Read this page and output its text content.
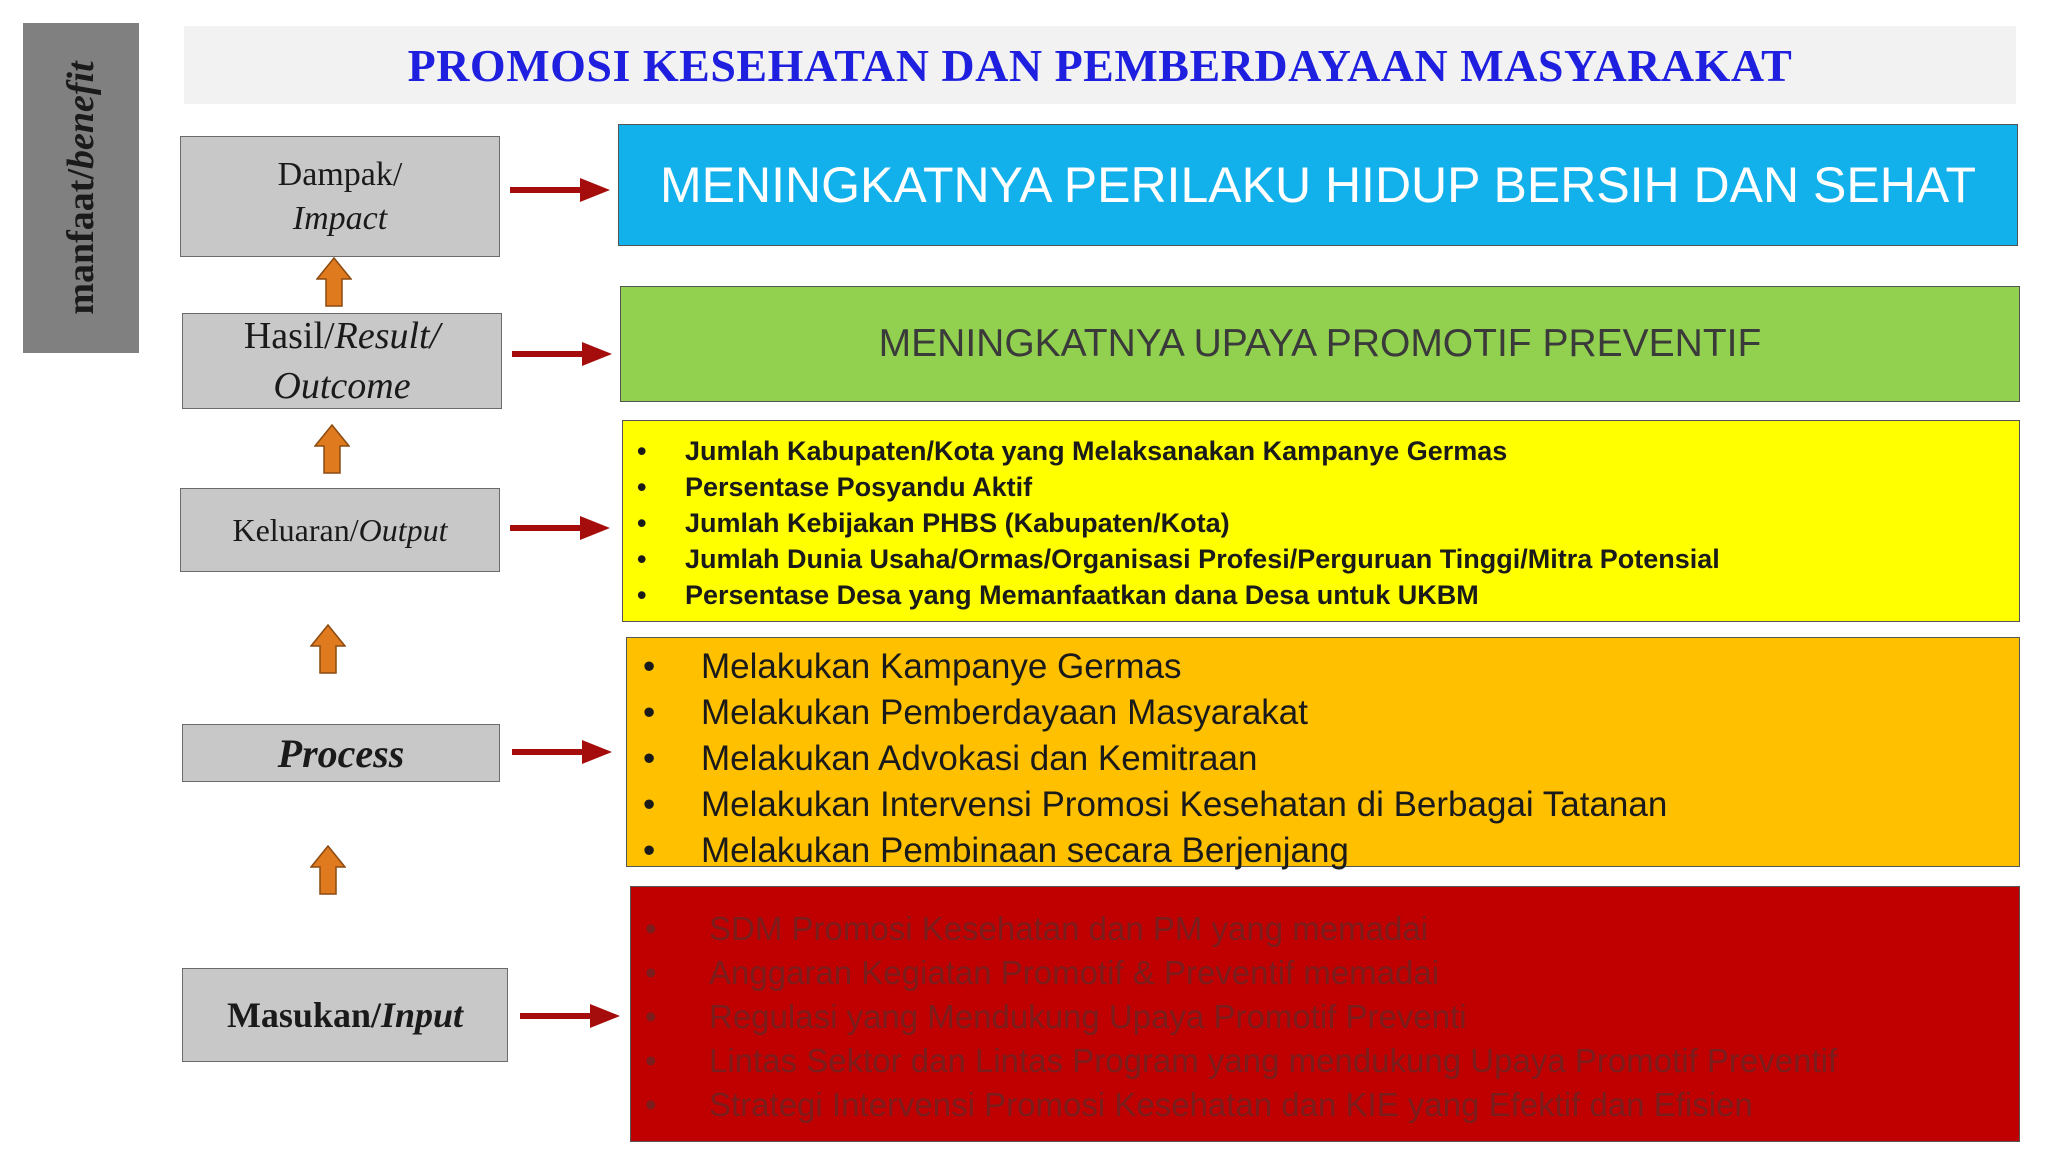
manfaat/benefit	PROMOSI KESEHATAN DAN PEMBERDAYAAN MASYARAKAT
Dampak/
Impact
Hasil/Result/
Outcome
Keluaran/Output
Process
Masukan/Input
MENINGKATNYA PERILAKU HIDUP BERSIH DAN SEHAT
MENINGKATNYA UPAYA PROMOTIF PREVENTIF
• Jumlah Kabupaten/Kota yang Melaksanakan Kampanye Germas
• Persentase Posyandu Aktif
• Jumlah Kebijakan PHBS (Kabupaten/Kota)
• Jumlah Dunia Usaha/Ormas/Organisasi Profesi/Perguruan Tinggi/Mitra Potensial
• Persentase Desa yang Memanfaatkan dana Desa untuk UKBM
• Melakukan Kampanye Germas
• Melakukan Pemberdayaan Masyarakat
• Melakukan Advokasi dan Kemitraan
• Melakukan Intervensi Promosi Kesehatan di Berbagai Tatanan
• Melakukan Pembinaan secara Berjenjang
• SDM Promosi Kesehatan dan PM yang memadai
• Anggaran Kegiatan Promotif & Preventif memadai
• Regulasi yang Mendukung Upaya Promotif Preventi
• Lintas Sektor dan Lintas Program yang mendukung Upaya Promotif Preventif
• Strategi Intervensi Promosi Kesehatan dan KIE yang Efektif dan Efisien
